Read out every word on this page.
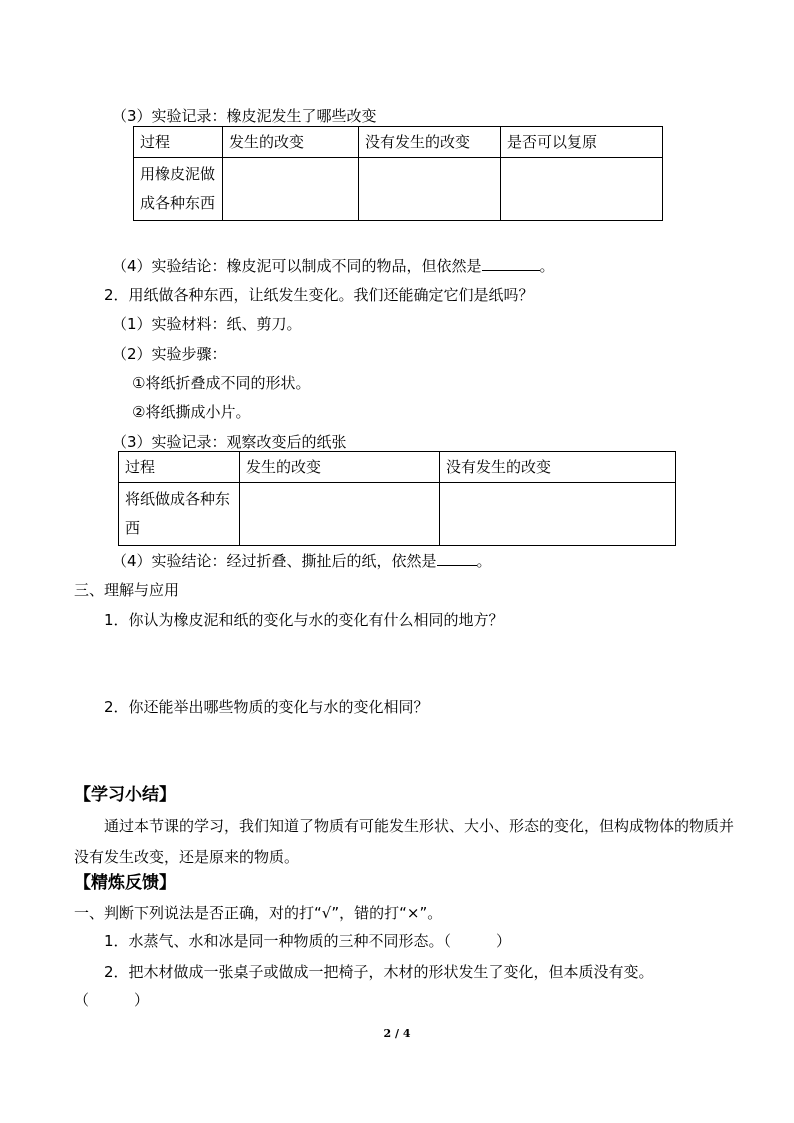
（3）实验记录：橡皮泥发生了哪些改变
过程	发生的改变	没有发生的改变	是否可以复原
用橡皮泥做成各种东西			
（4）实验结论：橡皮泥可以制成不同的物品，但依然是	。
2．用纸做各种东西，让纸发生变化。我们还能确定它们是纸吗？
（1）实验材料：纸、剪刀。
（2）实验步骤：
①将纸折叠成不同的形状。
②将纸撕成小片。
（3）实验记录：观察改变后的纸张
过程	发生的改变	没有发生的改变
将纸做成各种东西		
（4）实验结论：经过折叠、撕扯后的纸，依然是	。
三、理解与应用
1．你认为橡皮泥和纸的变化与水的变化有什么相同的地方？
2．你还能举出哪些物质的变化与水的变化相同？
【学习小结】
通过本节课的学习，我们知道了物质有可能发生形状、大小、形态的变化，但构成物体的物质并没有发生改变，还是原来的物质。
【精炼反馈】
一、判断下列说法是否正确，对的打“√”，错的打“×”。
1．水蒸气、水和冰是同一种物质的三种不同形态。（　　　）
2．把木材做成一张桌子或做成一把椅子，木材的形状发生了变化，但本质没有变。
（　　　）
2 / 4
